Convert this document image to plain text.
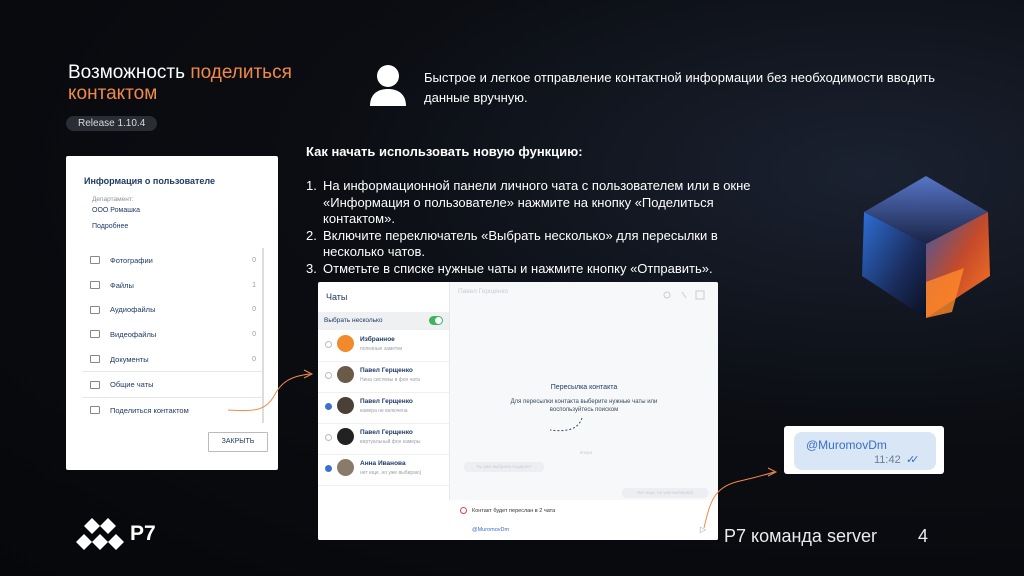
Возможность поделиться
контактом
Release 1.10.4
Быстрое и легкое отправление контактной информации без необходимости вводить данные вручную.
Как начать использовать новую функцию:
1. На информационной панели личного чата с пользователем или в окне «Информация о пользователе» нажмите на кнопку «Поделиться контактом».
2. Включите переключатель «Выбрать несколько» для пересылки в несколько чатов.
3. Отметьте в списке нужные чаты и нажмите кнопку «Отправить».
Информация о пользователе
Департамент:
ООО Ромашка
Подробнее
Фотографии	0
Файлы	1
Аудиофайлы	0
Видеофайлы	0
Документы	0
Общие чаты
Поделиться контактом
ЗАКРЫТЬ
Чаты
Выбрать несколько
Избранное
полезные заметки
Павел Герщенко
Нина системы в фон чата
Павел Герщенко
камера не включена
Павел Герщенко
виртуальный фон камеры
Анна Иванова
нет еще, но уже выбираю)
Павел Герщенко
Пересылка контакта
Для пересылки контакта выберите нужные чаты или воспользуйтесь поиском
вчера
Ты уже выбрала подарок?
Нет еще, но уже выбираю)
Контакт будет переслан в 2 чата
@MuromovDm	▷
@MuromovDm
11:42 ✓✓
P7	P7 команда server 4
